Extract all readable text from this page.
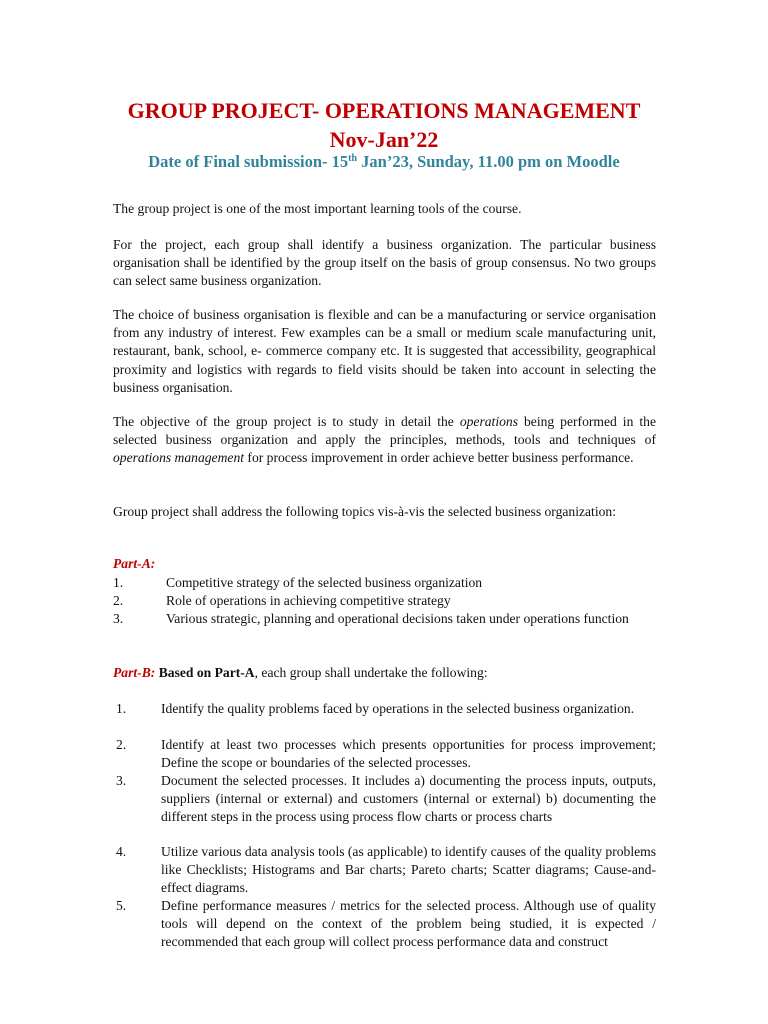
GROUP PROJECT- OPERATIONS MANAGEMENT
Nov-Jan’22
Date of Final submission- 15th Jan’23, Sunday, 11.00 pm on Moodle
The group project is one of the most important learning tools of the course.
For the project, each group shall identify a business organization. The particular business organisation shall be identified by the group itself on the basis of group consensus. No two groups can select same business organization.
The choice of business organisation is flexible and can be a manufacturing or service organisation from any industry of interest. Few examples can be a small or medium scale manufacturing unit, restaurant, bank, school, e- commerce company etc. It is suggested that accessibility, geographical proximity and logistics with regards to field visits should be taken into account in selecting the business organisation.
The objective of the group project is to study in detail the operations being performed in the selected business organization and apply the principles, methods, tools and techniques of operations management for process improvement in order achieve better business performance.
Group project shall address the following topics vis-à-vis the selected business organization:
Part-A:
1.	Competitive strategy of the selected business organization
2.	Role of operations in achieving competitive strategy
3.	Various strategic, planning and operational decisions taken under operations function
Part-B: Based on Part-A, each group shall undertake the following:
1.	Identify the quality problems faced by operations in the selected business organization.
2.	Identify at least two processes which presents opportunities for process improvement; Define the scope or boundaries of the selected processes.
3.	Document the selected processes. It includes a) documenting the process inputs, outputs, suppliers (internal or external) and customers (internal or external) b) documenting the different steps in the process using process flow charts or process charts
4.	Utilize various data analysis tools (as applicable) to identify causes of the quality problems like Checklists; Histograms and Bar charts; Pareto charts; Scatter diagrams; Cause-and-effect diagrams.
5.	Define performance measures / metrics for the selected process. Although use of quality tools will depend on the context of the problem being studied, it is expected / recommended that each group will collect process performance data and construct
